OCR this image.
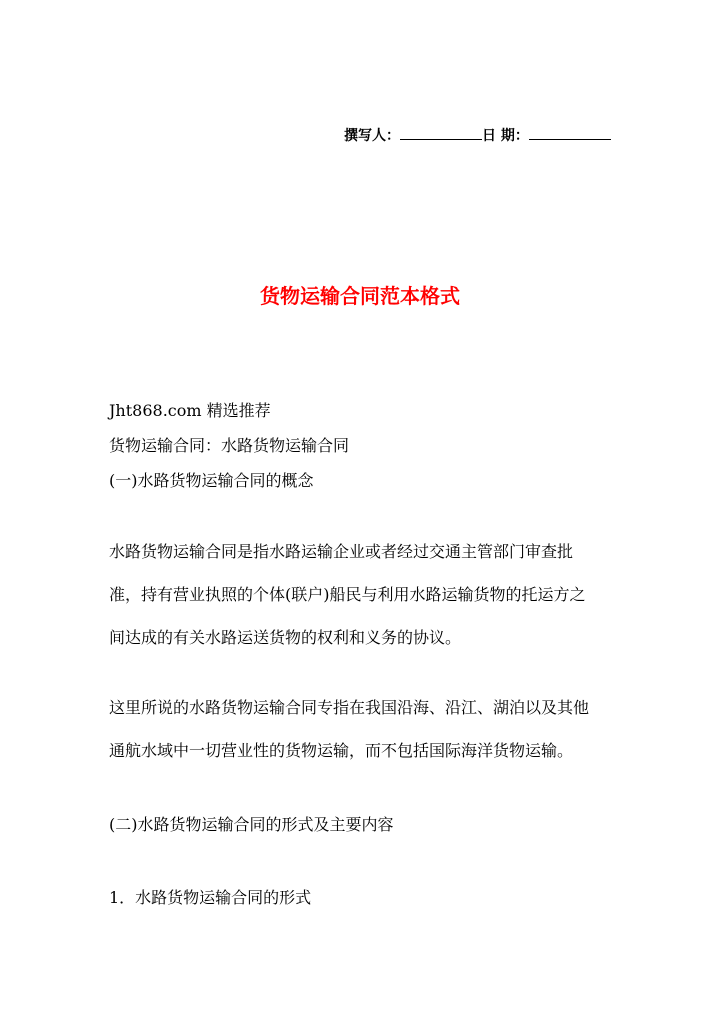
撰写人：	日 期：
货物运输合同范本格式
Jht868.com 精选推荐
货物运输合同：水路货物运输合同
(一)水路货物运输合同的概念
水路货物运输合同是指水路运输企业或者经过交通主管部门审查批
准，持有营业执照的个体(联户)船民与利用水路运输货物的托运方之
间达成的有关水路运送货物的权利和义务的协议。
这里所说的水路货物运输合同专指在我国沿海、沿江、湖泊以及其他
通航水域中一切营业性的货物运输，而不包括国际海洋货物运输。
(二)水路货物运输合同的形式及主要内容
1．水路货物运输合同的形式
